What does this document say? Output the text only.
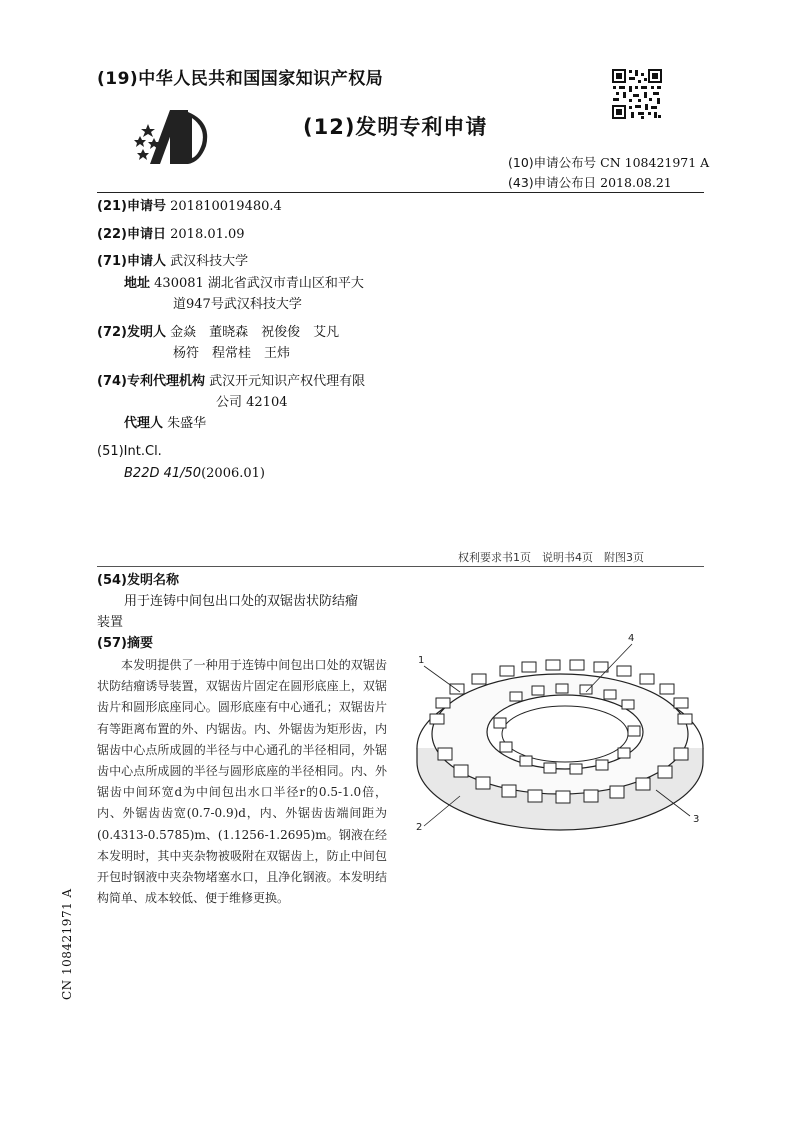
(19)中华人民共和国国家知识产权局
(12)发明专利申请
(10)申请公布号 CN 108421971 A
(43)申请公布日 2018.08.21
(21)申请号 201810019480.4
(22)申请日 2018.01.09
(71)申请人 武汉科技大学
地址 430081 湖北省武汉市青山区和平大
道947号武汉科技大学
(72)发明人 金焱　董晓森　祝俊俊　艾凡
杨符　程常桂　王炜
(74)专利代理机构 武汉开元知识产权代理有限
公司 42104
代理人 朱盛华
(51)Int.Cl.
B22D 41/50(2006.01)
权利要求书1页　说明书4页　附图3页
(54)发明名称
用于连铸中间包出口处的双锯齿状防结瘤
装置
(57)摘要
本发明提供了一种用于连铸中间包出口处的双锯齿状防结瘤诱导装置，双锯齿片固定在圆形底座上，双锯齿片和圆形底座同心。圆形底座有中心通孔；双锯齿片有等距离布置的外、内锯齿。内、外锯齿为矩形齿，内锯齿中心点所成圆的半径与中心通孔的半径相同，外锯齿中心点所成圆的半径与圆形底座的半径相同。内、外锯齿中间环宽d为中间包出水口半径r的0.5-1.0倍，内、外锯齿齿宽(0.7-0.9)d，内、外锯齿齿端间距为(0.4313-0.5785)m、(1.1256-1.2695)m。钢液在经本发明时，其中夹杂物被吸附在双锯齿上，防止中间包开包时钢液中夹杂物堵塞水口，且净化钢液。本发明结构简单、成本较低、便于维修更换。
1
4
2
3
CN 108421971 A
